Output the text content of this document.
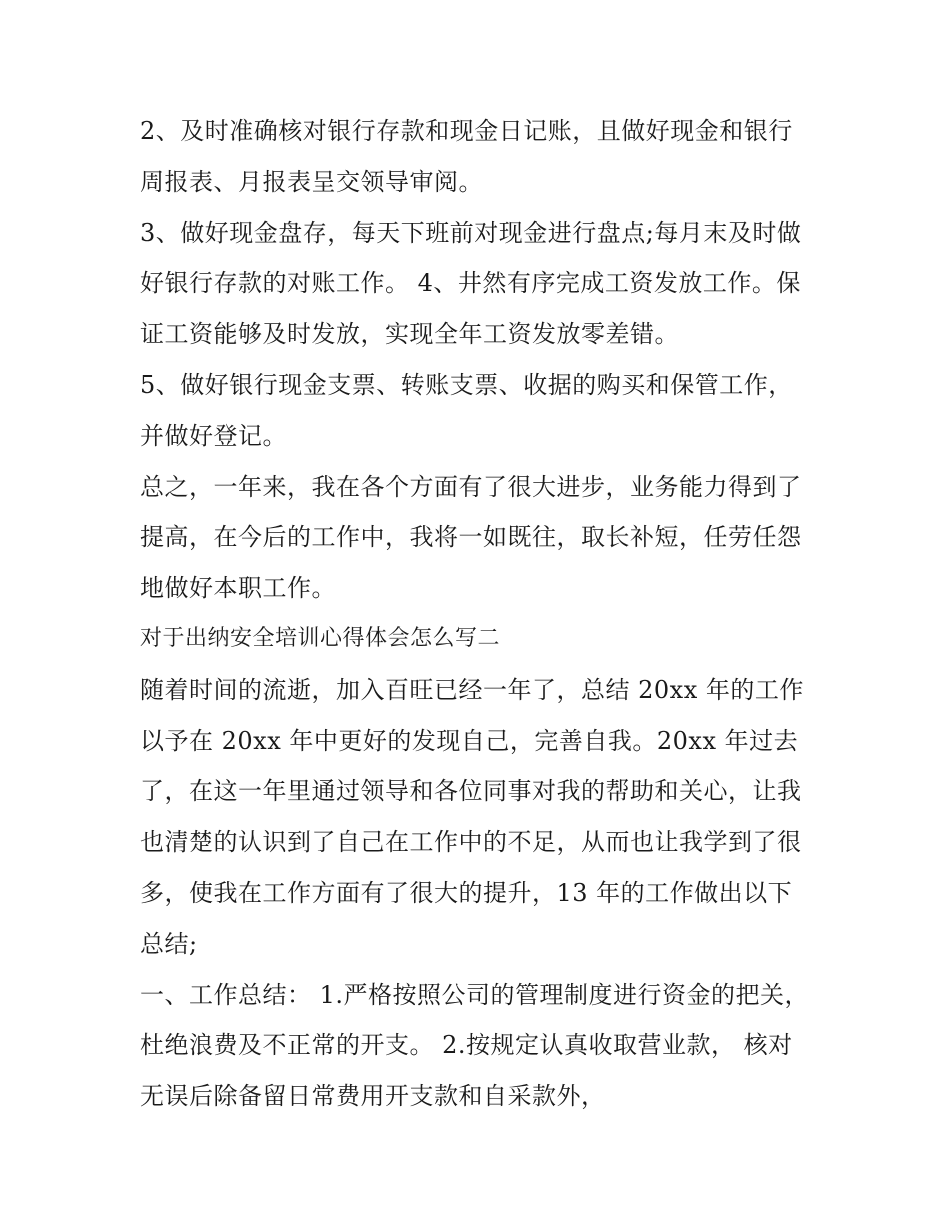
2、及时准确核对银行存款和现金日记账，且做好现金和银行
周报表、月报表呈交领导审阅。
3、做好现金盘存，每天下班前对现金进行盘点;每月末及时做
好银行存款的对账工作。 4、井然有序完成工资发放工作。保
证工资能够及时发放，实现全年工资发放零差错。
5、做好银行现金支票、转账支票、收据的购买和保管工作，
并做好登记。
总之，一年来，我在各个方面有了很大进步，业务能力得到了
提高，在今后的工作中，我将一如既往，取长补短，任劳任怨
地做好本职工作。
对于出纳安全培训心得体会怎么写二
随着时间的流逝，加入百旺已经一年了，总结 20xx 年的工作
以予在 20xx 年中更好的发现自己，完善自我。20xx 年过去
了，在这一年里通过领导和各位同事对我的帮助和关心，让我
也清楚的认识到了自己在工作中的不足，从而也让我学到了很
多，使我在工作方面有了很大的提升，13 年的工作做出以下
总结;
一、工作总结： 1.严格按照公司的管理制度进行资金的把关，
杜绝浪费及不正常的开支。 2.按规定认真收取营业款， 核对
无误后除备留日常费用开支款和自采款外，
